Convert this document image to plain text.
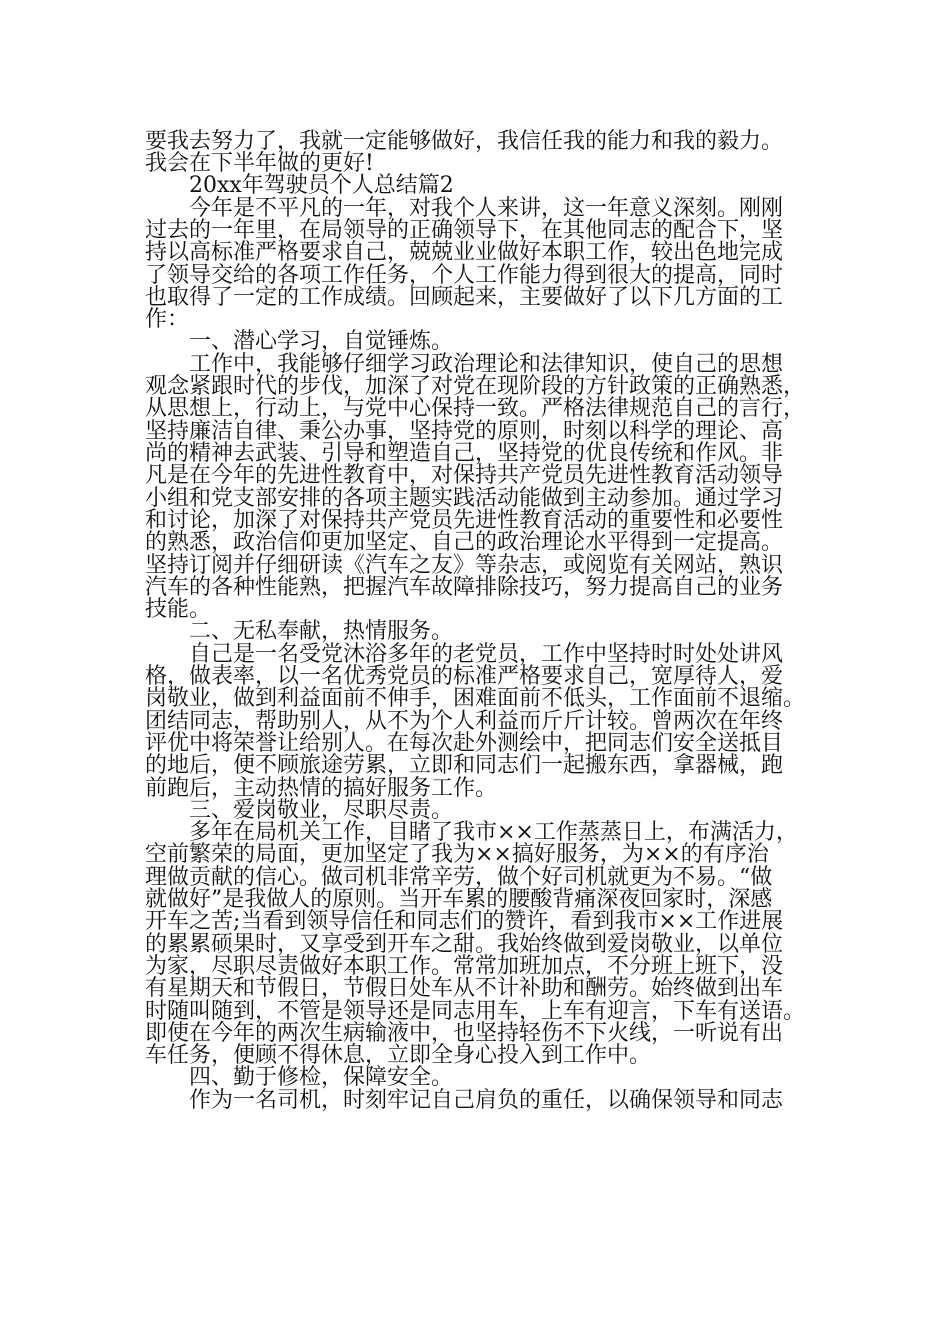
要我去努力了，我就一定能够做好，我信任我的能力和我的毅力。
我会在下半年做的更好!
20xx年驾驶员个人总结篇2
今年是不平凡的一年，对我个人来讲，这一年意义深刻。刚刚
过去的一年里，在局领导的正确领导下，在其他同志的配合下，坚
持以高标准严格要求自己，兢兢业业做好本职工作，较出色地完成
了领导交给的各项工作任务，个人工作能力得到很大的提高，同时
也取得了一定的工作成绩。回顾起来，主要做好了以下几方面的工
作：
一、潜心学习，自觉锤炼。
工作中，我能够仔细学习政治理论和法律知识，使自己的思想
观念紧跟时代的步伐，加深了对党在现阶段的方针政策的正确熟悉，
从思想上，行动上，与党中心保持一致。严格法律规范自己的言行，
坚持廉洁自律、秉公办事，坚持党的原则，时刻以科学的理论、高
尚的精神去武装、引导和塑造自己，坚持党的优良传统和作风。非
凡是在今年的先进性教育中，对保持共产党员先进性教育活动领导
小组和党支部安排的各项主题实践活动能做到主动参加。通过学习
和讨论，加深了对保持共产党员先进性教育活动的重要性和必要性
的熟悉，政治信仰更加坚定、自己的政治理论水平得到一定提高。
坚持订阅并仔细研读《汽车之友》等杂志，或阅览有关网站，熟识
汽车的各种性能熟，把握汽车故障排除技巧，努力提高自己的业务
技能。
二、无私奉献，热情服务。
自己是一名受党沐浴多年的老党员，工作中坚持时时处处讲风
格，做表率，以一名优秀党员的标准严格要求自己，宽厚待人，爱
岗敬业，做到利益面前不伸手，困难面前不低头，工作面前不退缩。
团结同志，帮助别人，从不为个人利益而斤斤计较。曾两次在年终
评优中将荣誉让给别人。在每次赴外测绘中，把同志们安全送抵目
的地后，便不顾旅途劳累，立即和同志们一起搬东西，拿器械，跑
前跑后，主动热情的搞好服务工作。
三、爱岗敬业，尽职尽责。
多年在局机关工作，目睹了我市××工作蒸蒸日上，布满活力，
空前繁荣的局面，更加坚定了我为××搞好服务，为××的有序治
理做贡献的信心。做司机非常辛劳，做个好司机就更为不易。“做
就做好”是我做人的原则。当开车累的腰酸背痛深夜回家时，深感
开车之苦;当看到领导信任和同志们的赞许，看到我市××工作进展
的累累硕果时，又享受到开车之甜。我始终做到爱岗敬业，以单位
为家，尽职尽责做好本职工作。常常加班加点，不分班上班下，没
有星期天和节假日，节假日处车从不计补助和酬劳。始终做到出车
时随叫随到，不管是领导还是同志用车，上车有迎言，下车有送语。
即使在今年的两次生病输液中，也坚持轻伤不下火线，一听说有出
车任务，便顾不得休息，立即全身心投入到工作中。
四、勤于修检，保障安全。
作为一名司机，时刻牢记自己肩负的重任，以确保领导和同志
